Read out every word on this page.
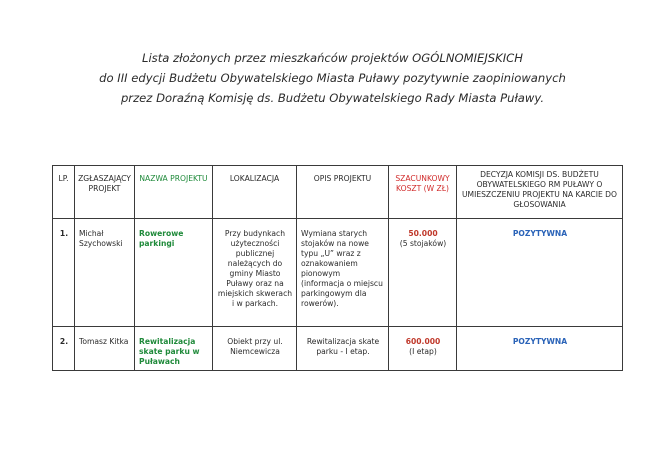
Lista złożonych przez mieszkańców projektów OGÓLNOMIEJSKICH
do III edycji Budżetu Obywatelskiego Miasta Puławy pozytywnie zaopiniowanych
przez Doraźną Komisję ds. Budżetu Obywatelskiego Rady Miasta Puławy.
LP.	ZGŁASZAJĄCY PROJEKT	NAZWA PROJEKTU	LOKALIZACJA	OPIS PROJEKTU	SZACUNKOWY KOSZT (W ZŁ)	DECYZJA KOMISJI DS. BUDŻETU OBYWATELSKIEGO RM PUŁAWY O UMIESZCZENIU PROJEKTU NA KARCIE DO GŁOSOWANIA
1.	Michał Szychowski	Rowerowe parkingi	Przy budynkach użyteczności publicznej należących do gminy Miasto Puławy oraz na miejskich skwerach i w parkach.	Wymiana starych stojaków na nowe typu „U” wraz z oznakowaniem pionowym (informacja o miejscu parkingowym dla rowerów).	50.000
(5 stojaków)	POZYTYWNA
2.	Tomasz Kitka	Rewitalizacja skate parku w Puławach	Obiekt przy ul. Niemcewicza	Rewitalizacja skate parku - I etap.	600.000
(I etap)	POZYTYWNA
